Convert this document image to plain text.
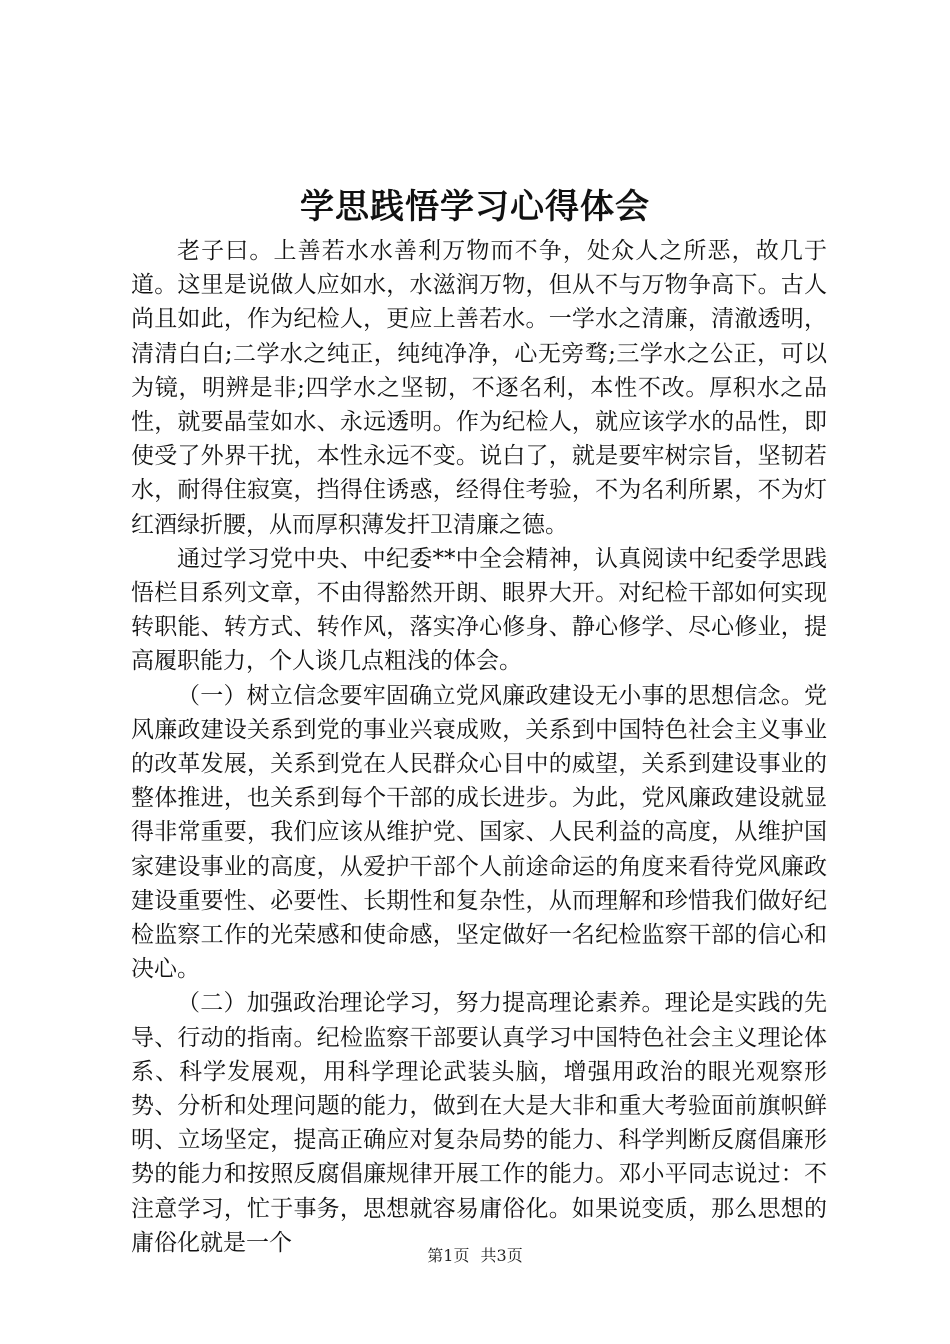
学思践悟学习心得体会

老子曰。上善若水水善利万物而不争，处众人之所恶，故几于道。这里是说做人应如水，水滋润万物，但从不与万物争高下。古人尚且如此，作为纪检人，更应上善若水。一学水之清廉，清澈透明，清清白白;二学水之纯正，纯纯净净，心无旁骛;三学水之公正，可以为镜，明辨是非;四学水之坚韧，不逐名利，本性不改。厚积水之品性，就要晶莹如水、永远透明。作为纪检人，就应该学水的品性，即使受了外界干扰，本性永远不变。说白了，就是要牢树宗旨，坚韧若水，耐得住寂寞，挡得住诱惑，经得住考验，不为名利所累，不为灯红酒绿折腰，从而厚积薄发扞卫清廉之德。

通过学习党中央、中纪委**中全会精神，认真阅读中纪委学思践悟栏目系列文章，不由得豁然开朗、眼界大开。对纪检干部如何实现转职能、转方式、转作风，落实净心修身、静心修学、尽心修业，提高履职能力，个人谈几点粗浅的体会。

（一）树立信念要牢固确立党风廉政建设无小事的思想信念。党风廉政建设关系到党的事业兴衰成败，关系到中国特色社会主义事业的改革发展，关系到党在人民群众心目中的威望，关系到建设事业的整体推进，也关系到每个干部的成长进步。为此，党风廉政建设就显得非常重要，我们应该从维护党、国家、人民利益的高度，从维护国家建设事业的高度，从爱护干部个人前途命运的角度来看待党风廉政建设重要性、必要性、长期性和复杂性，从而理解和珍惜我们做好纪检监察工作的光荣感和使命感，坚定做好一名纪检监察干部的信心和决心。

（二）加强政治理论学习，努力提高理论素养。理论是实践的先导、行动的指南。纪检监察干部要认真学习中国特色社会主义理论体系、科学发展观，用科学理论武装头脑，增强用政治的眼光观察形势、分析和处理问题的能力，做到在大是大非和重大考验面前旗帜鲜明、立场坚定，提高正确应对复杂局势的能力、科学判断反腐倡廉形势的能力和按照反腐倡廉规律开展工作的能力。邓小平同志说过：不注意学习，忙于事务，思想就容易庸俗化。如果说变质，那么思想的庸俗化就是一个	第1页 共3页
